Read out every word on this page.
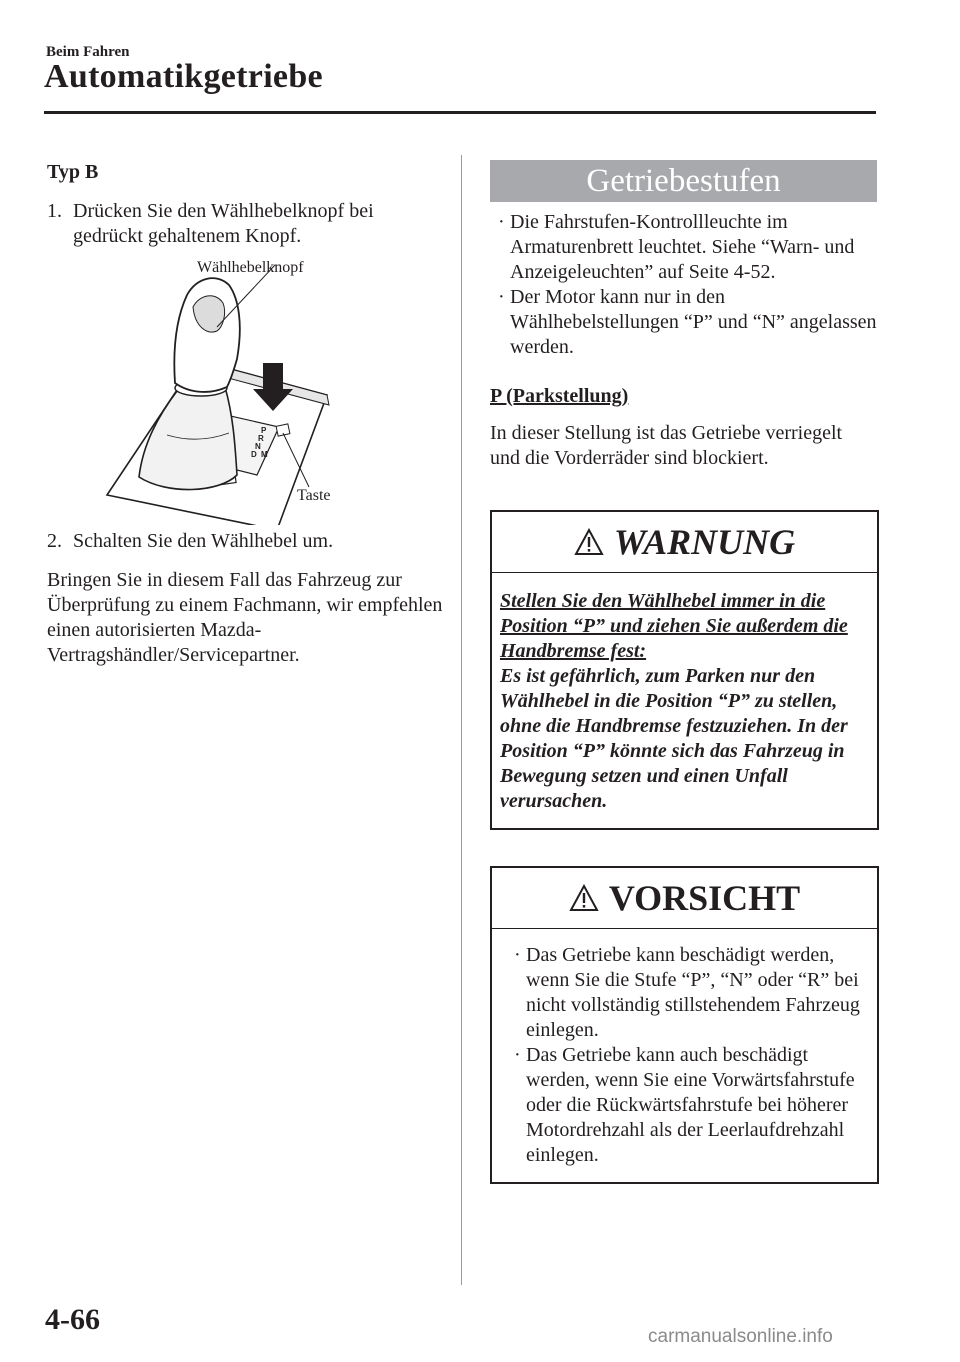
Beim Fahren
Automatikgetriebe
Typ B
1. Drücken Sie den Wählhebelknopf bei gedrückt gehaltenem Knopf.
P
R
N
D M
Wählhebelknopf
Taste
2. Schalten Sie den Wählhebel um.

Bringen Sie in diesem Fall das Fahrzeug zur Überprüfung zu einem Fachmann, wir empfehlen einen autorisierten Mazda-Vertragshändler/Servicepartner.

Getriebestufen
· Die Fahrstufen-Kontrollleuchte im Armaturenbrett leuchtet. Siehe “Warn- und Anzeigeleuchten” auf Seite 4-52.
· Der Motor kann nur in den Wählhebelstellungen “P” und “N” angelassen werden.
P (Parkstellung)
In dieser Stellung ist das Getriebe verriegelt und die Vorderräder sind blockiert.
WARNUNG
Stellen Sie den Wählhebel immer in die Position “P” und ziehen Sie außerdem die Handbremse fest:
Es ist gefährlich, zum Parken nur den Wählhebel in die Position “P” zu stellen, ohne die Handbremse festzuziehen. In der Position “P” könnte sich das Fahrzeug in Bewegung setzen und einen Unfall verursachen.
VORSICHT
· Das Getriebe kann beschädigt werden, wenn Sie die Stufe “P”, “N” oder “R” bei nicht vollständig stillstehendem Fahrzeug einlegen.
· Das Getriebe kann auch beschädigt werden, wenn Sie eine Vorwärtsfahrstufe oder die Rückwärtsfahrstufe bei höherer Motordrehzahl als der Leerlaufdrehzahl einlegen.
4-66
carmanualsonline.info
